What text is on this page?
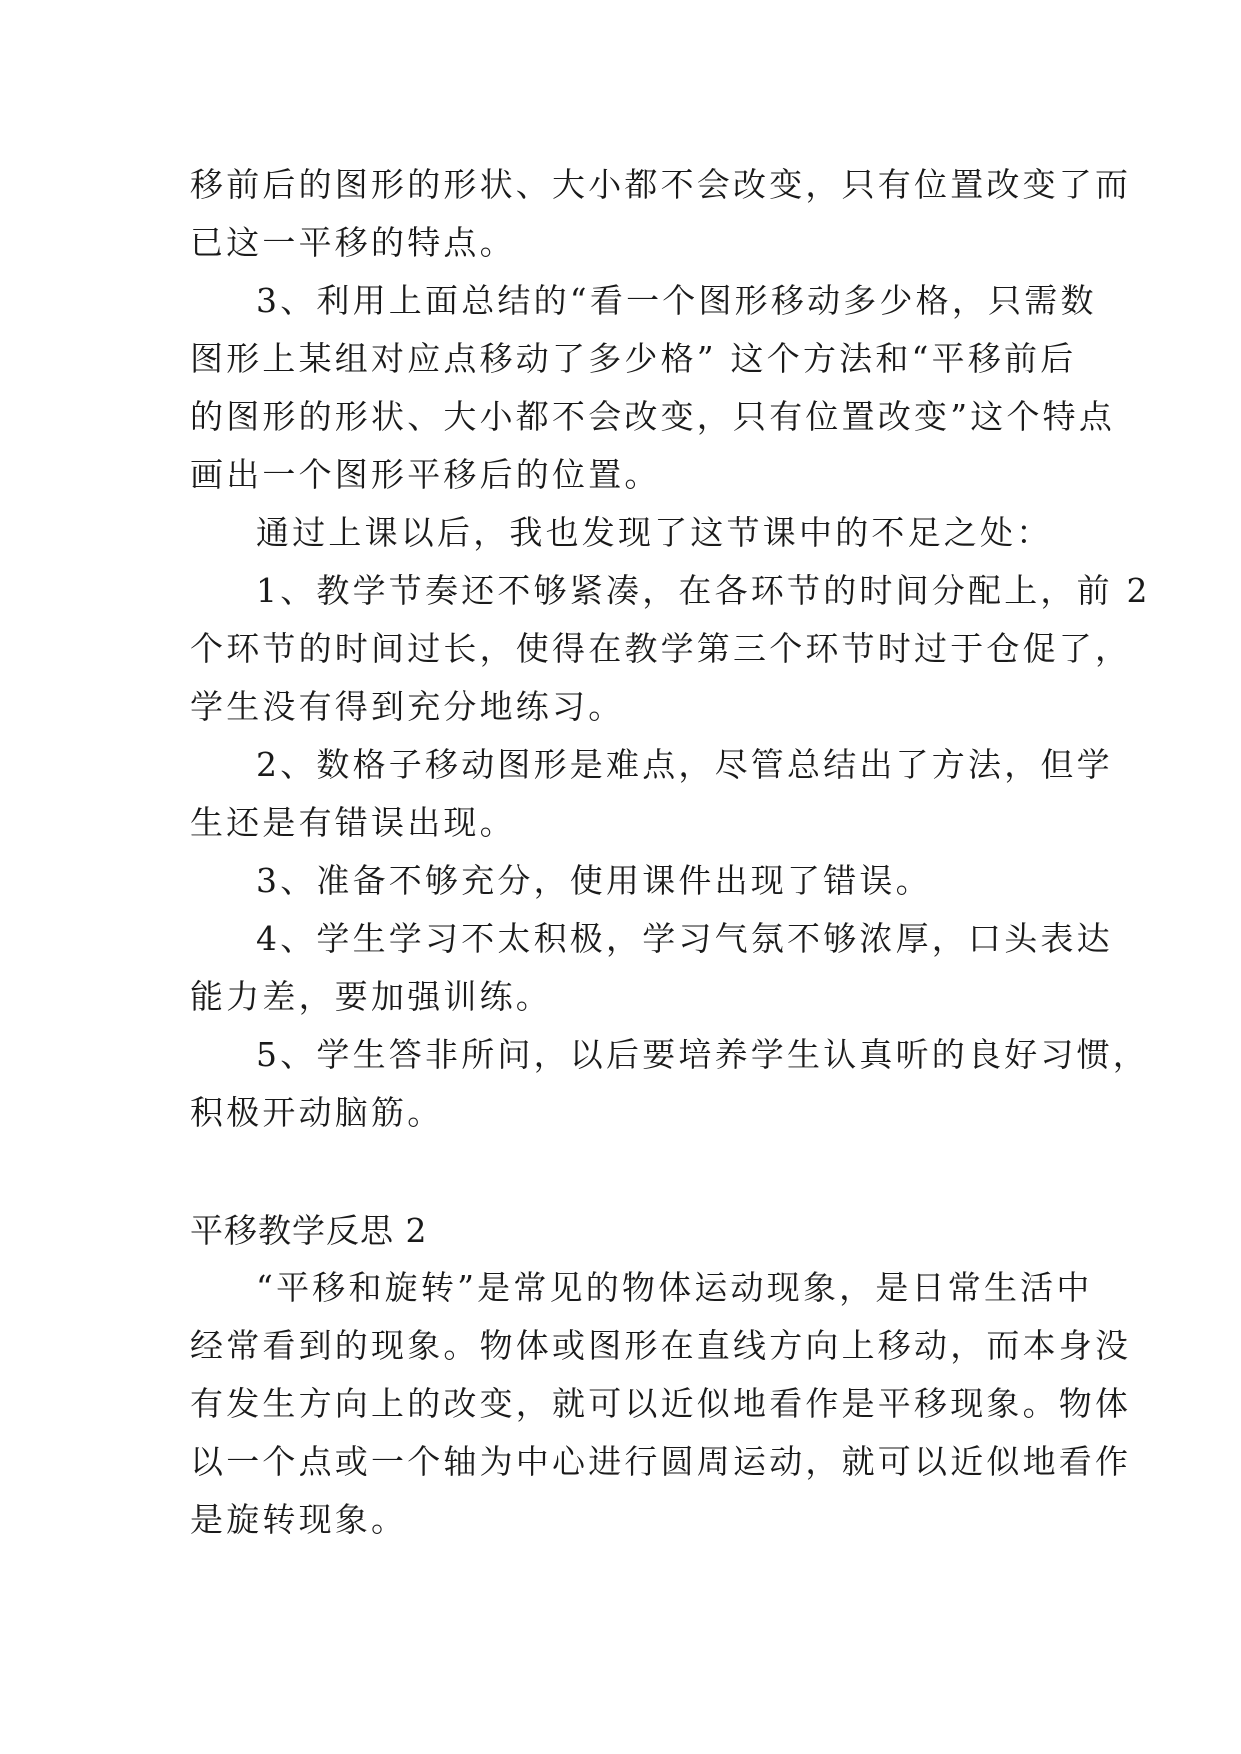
移前后的图形的形状、大小都不会改变，只有位置改变了而
已这一平移的特点。
3、利用上面总结的“看一个图形移动多少格，只需数
图形上某组对应点移动了多少格” 这个方法和“平移前后
的图形的形状、大小都不会改变，只有位置改变”这个特点
画出一个图形平移后的位置。
通过上课以后，我也发现了这节课中的不足之处：
1、教学节奏还不够紧凑，在各环节的时间分配上，前 2
个环节的时间过长，使得在教学第三个环节时过于仓促了，
学生没有得到充分地练习。
2、数格子移动图形是难点，尽管总结出了方法，但学
生还是有错误出现。
3、准备不够充分，使用课件出现了错误。
4、学生学习不太积极，学习气氛不够浓厚，口头表达
能力差，要加强训练。
5、学生答非所问，以后要培养学生认真听的良好习惯，
积极开动脑筋。
平移教学反思 2
“平移和旋转”是常见的物体运动现象，是日常生活中
经常看到的现象。物体或图形在直线方向上移动，而本身没
有发生方向上的改变，就可以近似地看作是平移现象。物体
以一个点或一个轴为中心进行圆周运动，就可以近似地看作
是旋转现象。
